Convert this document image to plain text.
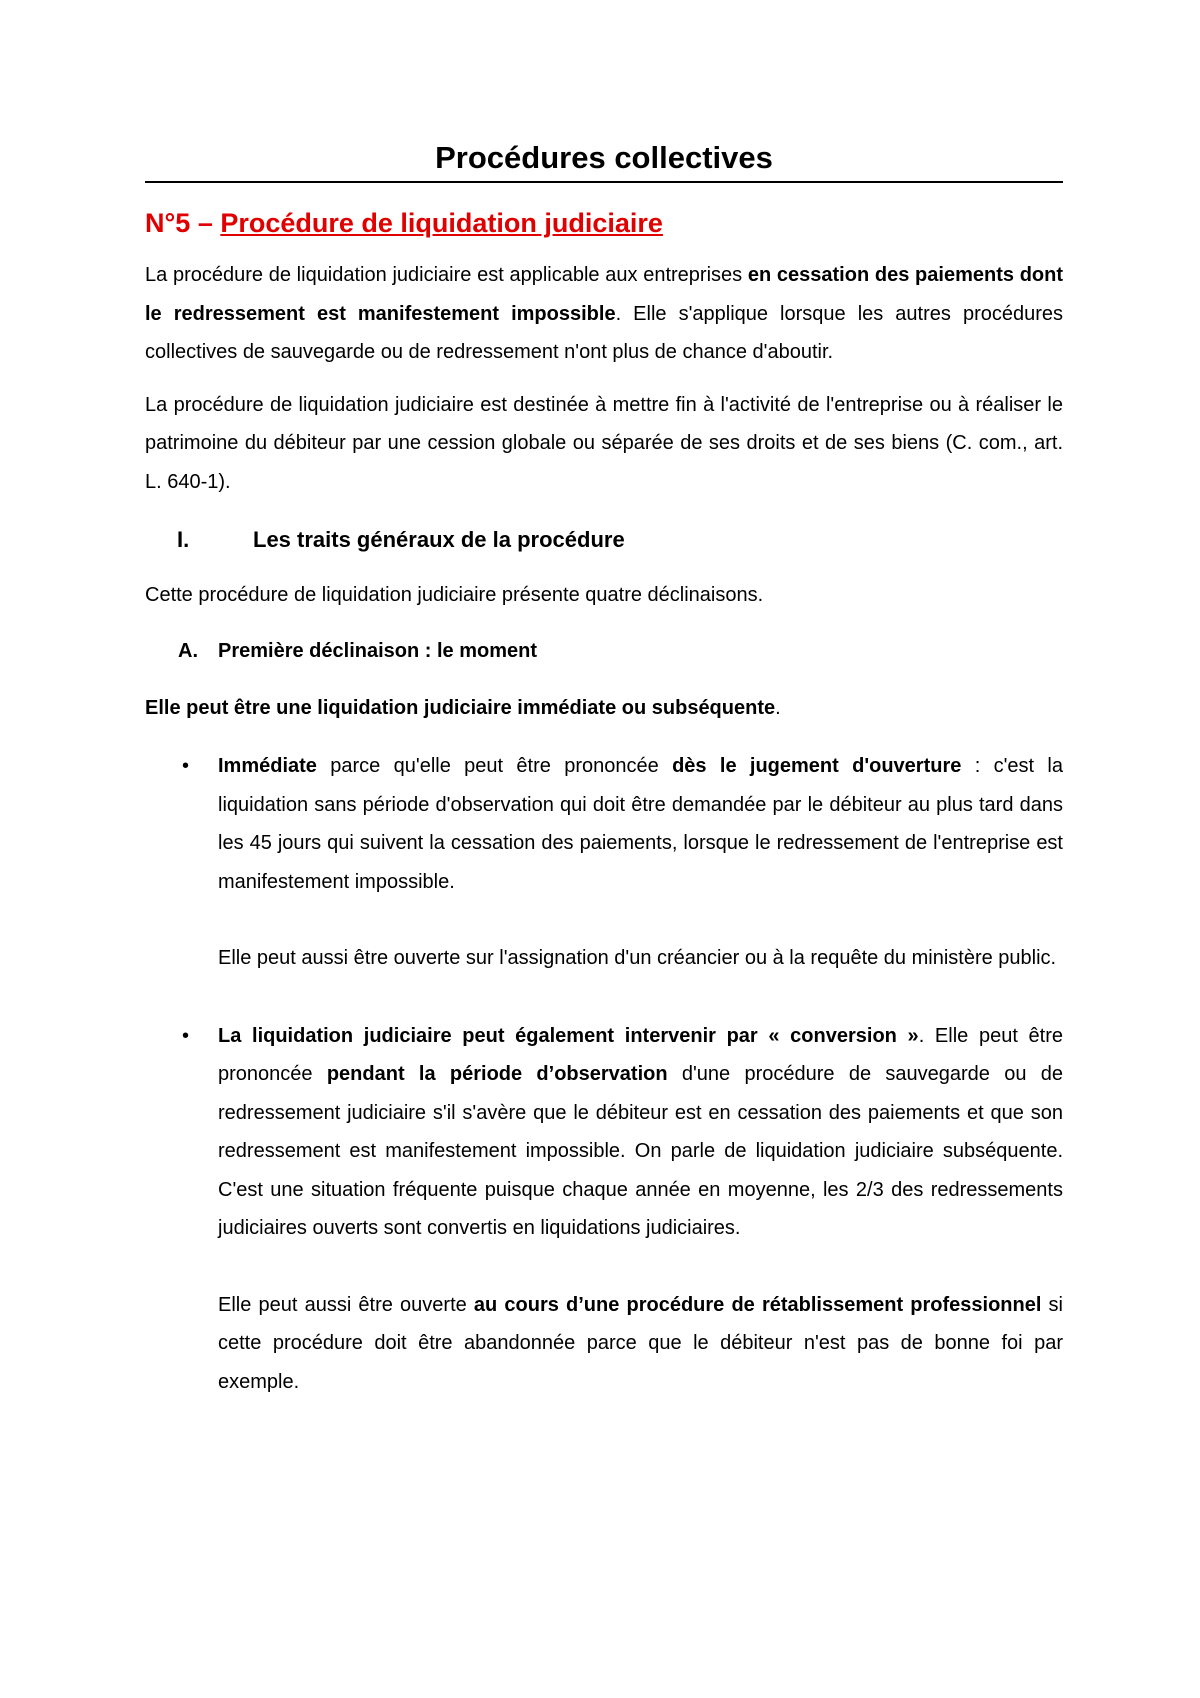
Procédures collectives
N°5 – Procédure de liquidation judiciaire

La procédure de liquidation judiciaire est applicable aux entreprises en cessation des paiements dont le redressement est manifestement impossible. Elle s'applique lorsque les autres procédures collectives de sauvegarde ou de redressement n'ont plus de chance d'aboutir.

La procédure de liquidation judiciaire est destinée à mettre fin à l'activité de l'entreprise ou à réaliser le patrimoine du débiteur par une cession globale ou séparée de ses droits et de ses biens (C. com., art. L. 640-1).

I.	Les traits généraux de la procédure

Cette procédure de liquidation judiciaire présente quatre déclinaisons.

A. Première déclinaison : le moment

Elle peut être une liquidation judiciaire immédiate ou subséquente.

•	Immédiate parce qu'elle peut être prononcée dès le jugement d'ouverture : c'est la liquidation sans période d'observation qui doit être demandée par le débiteur au plus tard dans les 45 jours qui suivent la cessation des paiements, lorsque le redressement de l'entreprise est manifestement impossible.

Elle peut aussi être ouverte sur l'assignation d'un créancier ou à la requête du ministère public.

•	La liquidation judiciaire peut également intervenir par « conversion ». Elle peut être prononcée pendant la période d’observation d'une procédure de sauvegarde ou de redressement judiciaire s'il s'avère que le débiteur est en cessation des paiements et que son redressement est manifestement impossible. On parle de liquidation judiciaire subséquente. C'est une situation fréquente puisque chaque année en moyenne, les 2/3 des redressements judiciaires ouverts sont convertis en liquidations judiciaires.

Elle peut aussi être ouverte au cours d’une procédure de rétablissement professionnel si cette procédure doit être abandonnée parce que le débiteur n'est pas de bonne foi par exemple.
